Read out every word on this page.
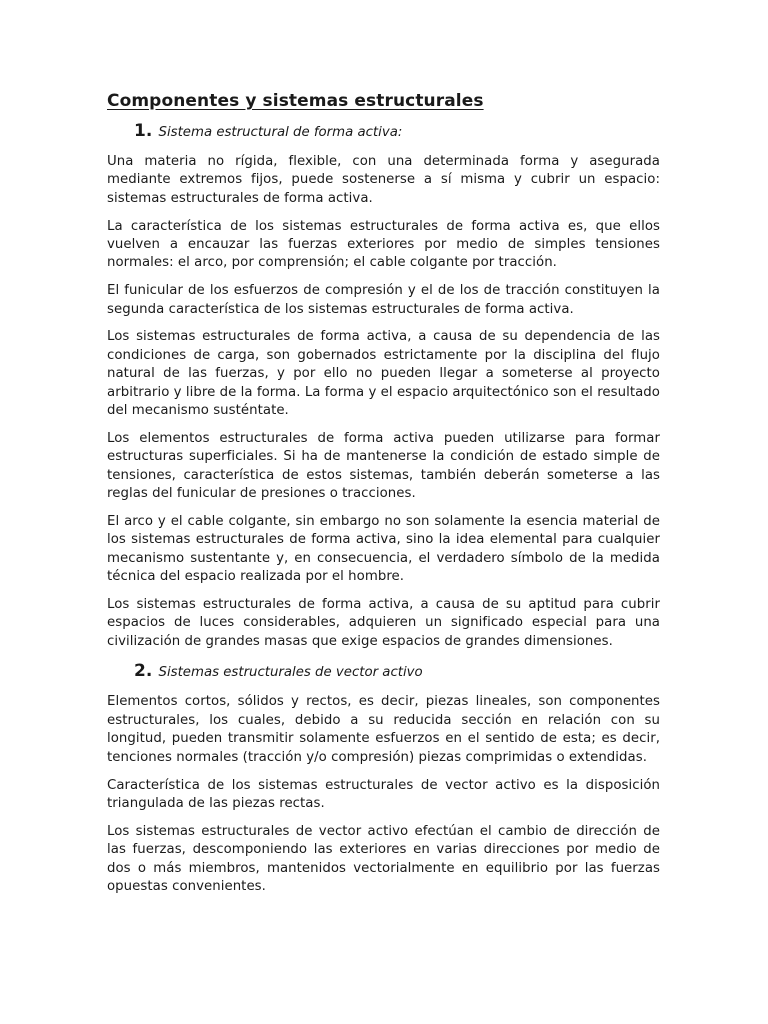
Componentes y sistemas estructurales
1. Sistema estructural de forma activa:

Una materia no rígida, flexible, con una determinada forma y asegurada mediante extremos fijos, puede sostenerse a sí misma y cubrir un espacio: sistemas estructurales de forma activa.

La característica de los sistemas estructurales de forma activa es, que ellos vuelven a encauzar las fuerzas exteriores por medio de simples tensiones normales: el arco, por comprensión; el cable colgante por tracción.

El funicular de los esfuerzos de compresión y el de los de tracción constituyen la segunda característica de los sistemas estructurales de forma activa.

Los sistemas estructurales de forma activa, a causa de su dependencia de las condiciones de carga, son gobernados estrictamente por la disciplina del flujo natural de las fuerzas, y por ello no pueden llegar a someterse al proyecto arbitrario y libre de la forma. La forma y el espacio arquitectónico son el resultado del mecanismo susténtate.

Los elementos estructurales de forma activa pueden utilizarse para formar estructuras superficiales. Si ha de mantenerse la condición de estado simple de tensiones, característica de estos sistemas, también deberán someterse a las reglas del funicular de presiones o tracciones.

El arco y el cable colgante, sin embargo no son solamente la esencia material de los sistemas estructurales de forma activa, sino la idea elemental para cualquier mecanismo sustentante y, en consecuencia, el verdadero símbolo de la medida técnica del espacio realizada por el hombre.

Los sistemas estructurales de forma activa, a causa de su aptitud para cubrir espacios de luces considerables, adquieren un significado especial para una civilización de grandes masas que exige espacios de grandes dimensiones.

2. Sistemas estructurales de vector activo

Elementos cortos, sólidos y rectos, es decir, piezas lineales, son componentes estructurales, los cuales, debido a su reducida sección en relación con su longitud, pueden transmitir solamente esfuerzos en el sentido de esta; es decir, tenciones normales (tracción y/o compresión) piezas comprimidas o extendidas.

Característica de los sistemas estructurales de vector activo es la disposición triangulada de las piezas rectas.

Los sistemas estructurales de vector activo efectúan el cambio de dirección de las fuerzas, descomponiendo las exteriores en varias direcciones por medio de dos o más miembros, mantenidos vectorialmente en equilibrio por las fuerzas opuestas convenientes.
